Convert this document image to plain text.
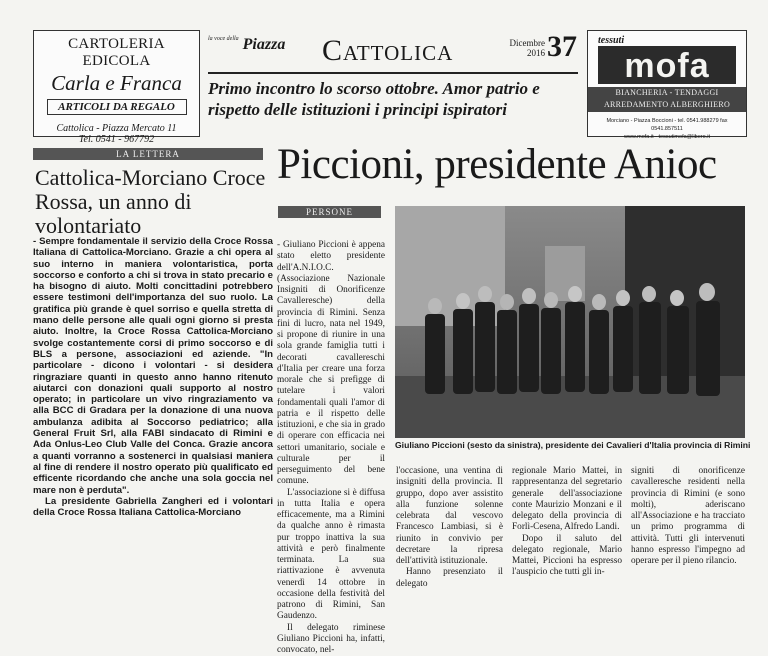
CARTOLERIA EDICOLA
Carla e Franca
ARTICOLI DA REGALO
Cattolica - Piazza Mercato 11
Tel. 0541 - 967792
$^{la voce della}$ Piazza Cattolica	Dicembre
2016 37
Primo incontro lo scorso ottobre. Amor patrio e rispetto delle istituzioni i principi ispiratori
tessuti
mofa
BIANCHERIA - TENDAGGI
ARREDAMENTO ALBERGHIERO
Morciano - Piazza Boccioni - tel. 0541.988279 fax 0541.857511
www.mofa.it - tessutimofa@libero.it
LA LETTERA
Cattolica-Morciano Croce Rossa, un anno di volontariato

- Sempre fondamentale il servizio della Croce Rossa Italiana di Cattolica-Morciano. Grazie a chi opera al suo interno in maniera volontaristica, porta soccorso e conforto a chi si trova in stato precario e ha bisogno di aiuto. Molti concittadini potrebbero essere testimoni dell'importanza del suo ruolo. La gratifica più grande è quel sorriso e quella stretta di mano delle persone alle quali ogni giorno si presta aiuto. Inoltre, la Croce Rossa Cattolica-Morciano svolge costantemente corsi di primo soccorso e di BLS a persone, associazioni ed aziende. "In particolare - dicono i volontari - si desidera ringraziare quanti in questo anno hanno ritenuto aiutarci con donazioni quali supporto al nostro operato; in particolare un vivo ringraziamento va alla BCC di Gradara per la donazione di una nuova ambulanza adibita al Soccorso pediatrico; alla General Fruit Srl, alla FABI sindacato di Rimini e Ada Onlus-Leo Club Valle del Conca. Grazie ancora a quanti vorranno a sostenerci in qualsiasi maniera al fine di rendere il nostro operato più qualificato ed efficente ricordando che anche una sola goccia nel mare non è perduta".

La presidente Gabriella Zangheri ed i volontari della Croce Rossa Italiana Cattolica-Morciano

Piccioni, presidente Anioc
PERSONE

- Giuliano Piccioni è appena stato eletto presidente dell'A.N.I.O.C. (Associazione Nazionale Insigniti di Onorificenze Cavalleresche) della provincia di Rimini. Senza fini di lucro, nata nel 1949, si propone di riunire in una sola grande famiglia tutti i decorati cavallereschi d'Italia per creare una forza morale che si prefigge di tutelare i valori fondamentali quali l'amor di patria e il rispetto delle istituzioni, e che sia in grado di operare con efficacia nei settori umanitario, sociale e culturale per il perseguimento del bene comune.

L'associazione si è diffusa in tutta Italia e opera efficacemente, ma a Rimini da qualche anno è rimasta pur troppo inattiva la sua attività e però finalmente terminata. La sua riattivazione è avvenuta venerdì 14 ottobre in occasione della festività del patrono di Rimini, San Gaudenzo.

Il delegato riminese Giuliano Piccioni ha, infatti, convocato, nel-

Giuliano Piccioni (sesto da sinistra), presidente dei Cavalieri d'Italia provincia di Rimini

l'occasione, una ventina di insigniti della provincia. Il gruppo, dopo aver assistito alla funzione solenne celebrata dal vescovo Francesco Lambiasi, si è riunito in convivio per decretare la ripresa dell'attività istituzionale.

Hanno presenziato il delegato

regionale Mario Mattei, in rappresentanza del segretario generale dell'associazione conte Maurizio Monzani e il delegato della provincia di Forlì-Cesena, Alfredo Landi.

Dopo il saluto del delegato regionale, Mario Mattei, Piccioni ha espresso l'auspicio che tutti gli in-

signiti di onorificenze cavalleresche residenti nella provincia di Rimini (e sono molti), aderiscano all'Associazione e ha tracciato un primo programma di attività. Tutti gli intervenuti hanno espresso l'impegno ad operare per il pieno rilancio.
